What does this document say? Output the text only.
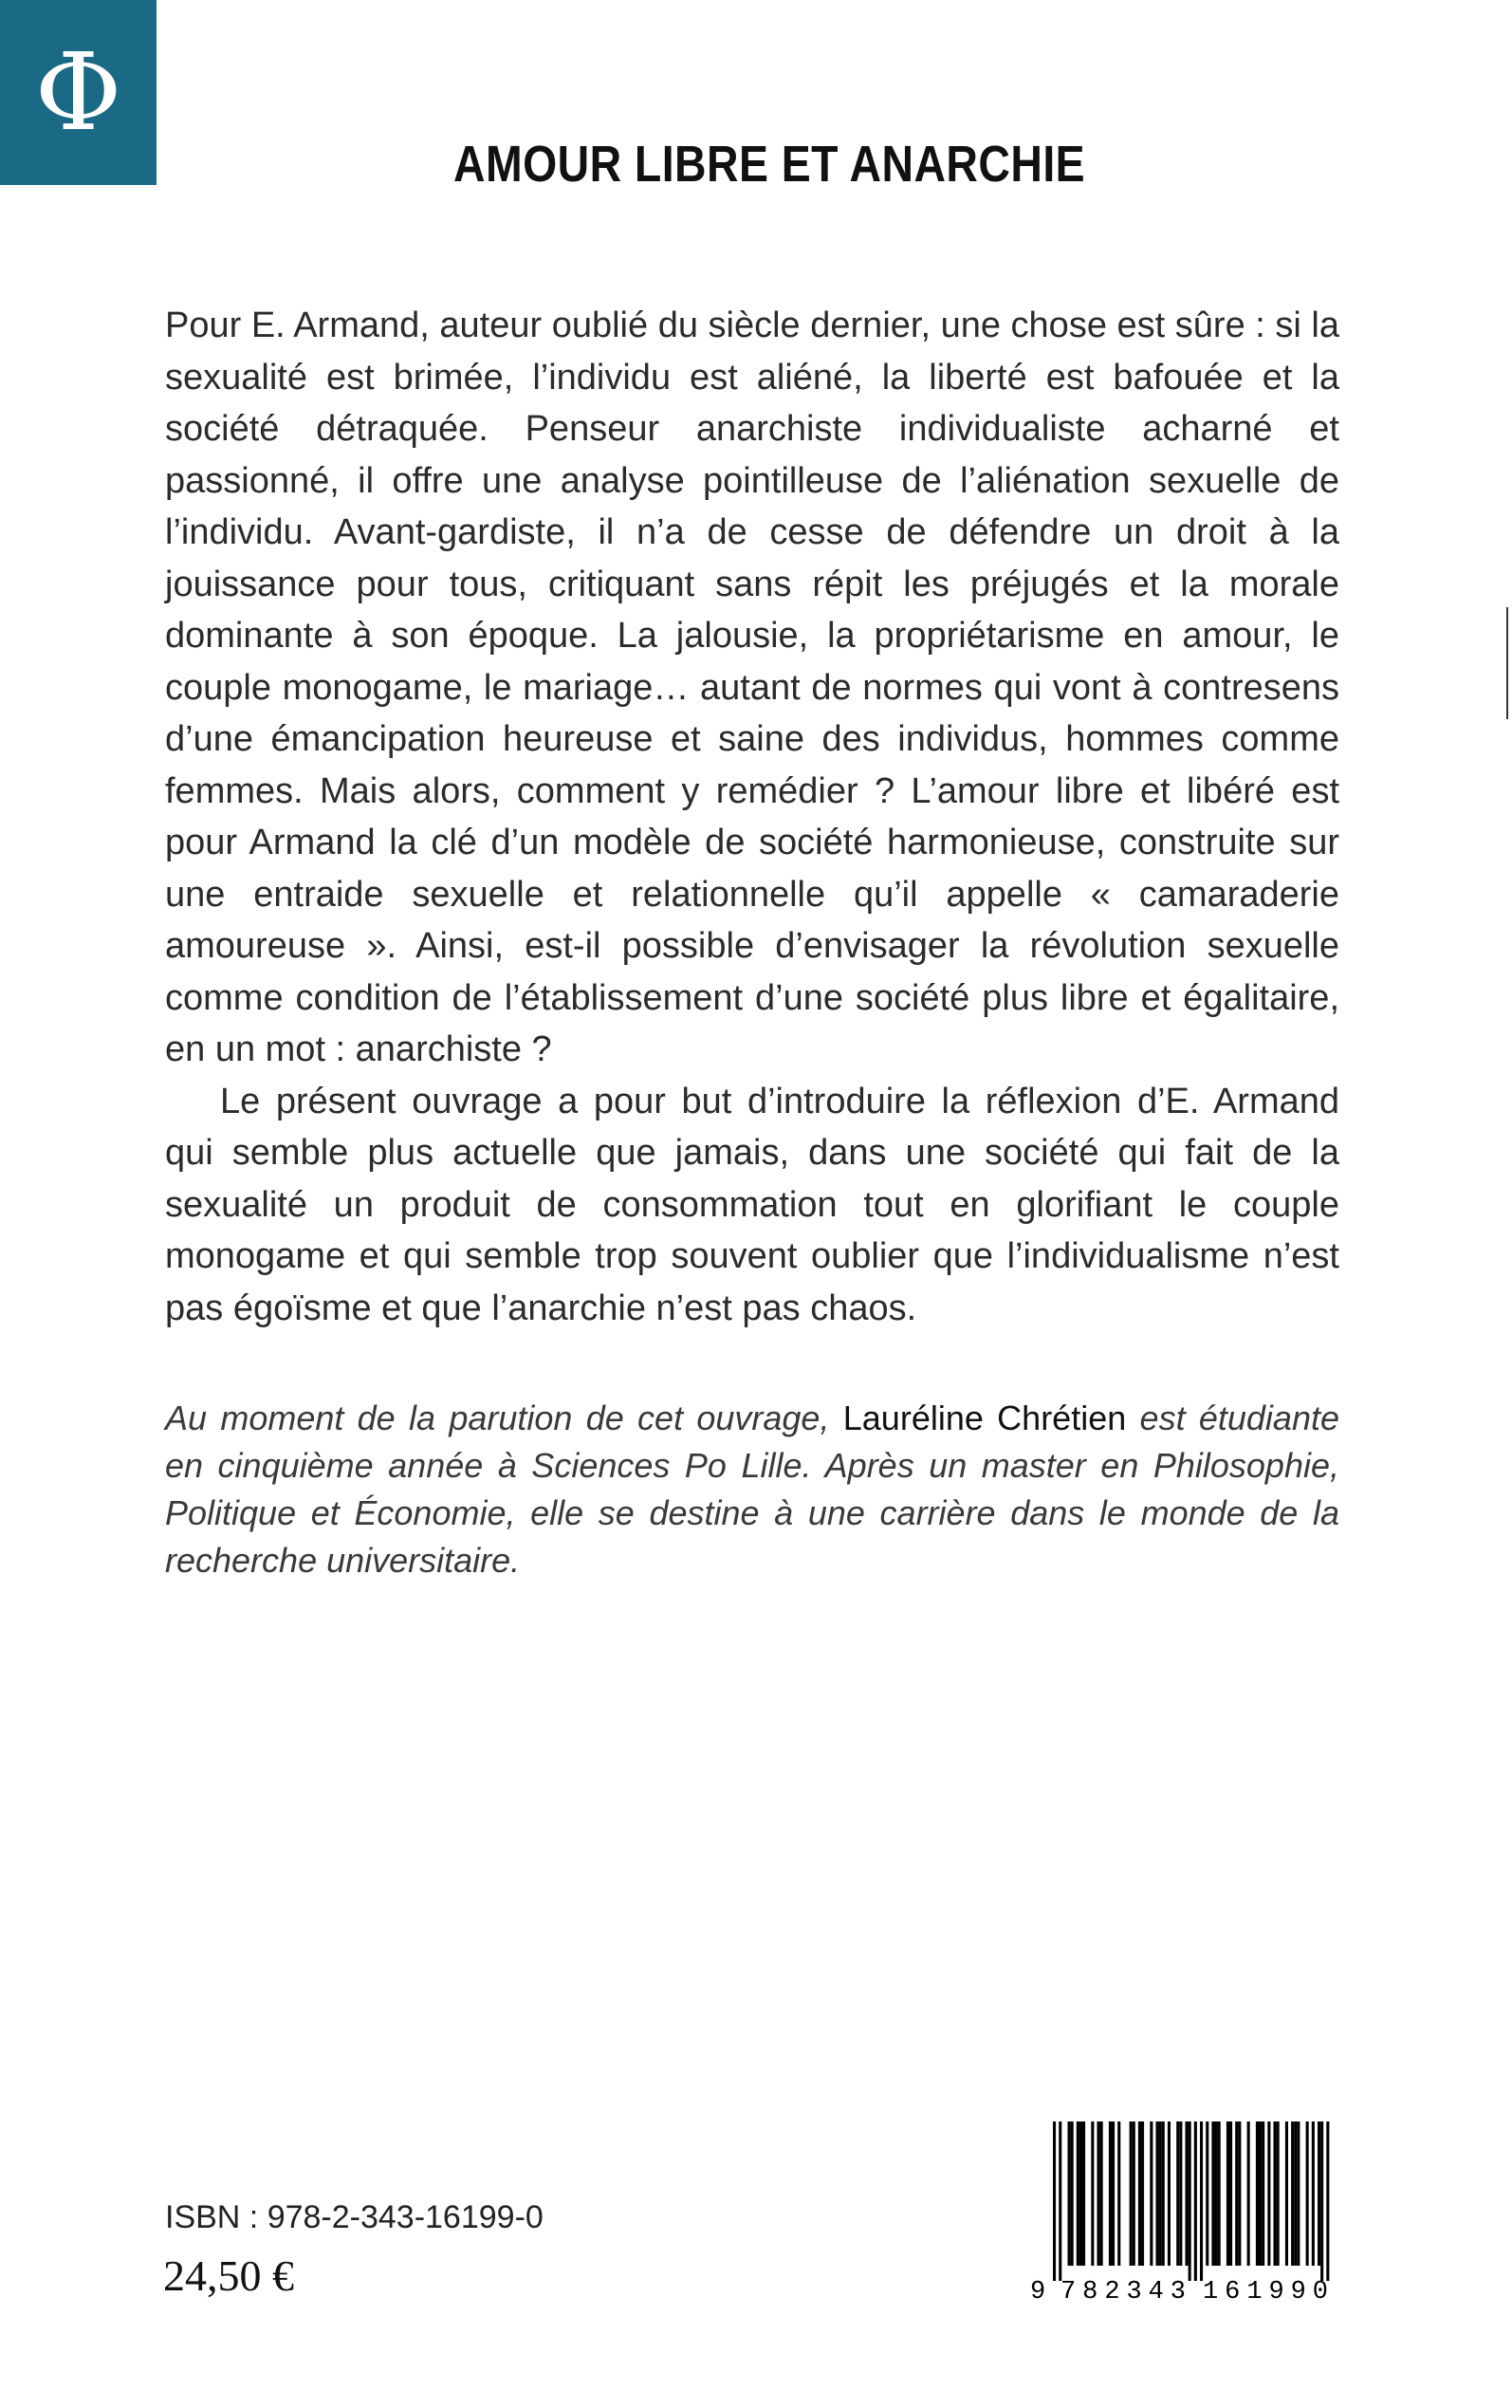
Φ
AMOUR LIBRE ET ANARCHIE

Pour E. Armand, auteur oublié du siècle dernier, une chose est sûre : si la sexualité est brimée, l’individu est aliéné, la liberté est bafouée et la société détraquée. Penseur anarchiste individualiste acharné et passionné, il offre une analyse pointilleuse de l’aliénation sexuelle de l’individu. Avant-gardiste, il n’a de cesse de défendre un droit à la jouissance pour tous, critiquant sans répit les préjugés et la morale dominante à son époque. La jalousie, la propriétarisme en amour, le couple monogame, le mariage… autant de normes qui vont à contresens d’une émancipation heureuse et saine des individus, hommes comme femmes. Mais alors, comment y remédier ? L’amour libre et libéré est pour Armand la clé d’un modèle de société harmonieuse, construite sur une entraide sexuelle et relationnelle qu’il appelle « camaraderie amoureuse ». Ainsi, est-il possible d’envisager la révolution sexuelle comme condition de l’établissement d’une société plus libre et égalitaire, en un mot : anarchiste ?

Le présent ouvrage a pour but d’introduire la réflexion d’E. Armand qui semble plus actuelle que jamais, dans une société qui fait de la sexualité un produit de consommation tout en glorifiant le couple monogame et qui semble trop souvent oublier que l’individualisme n’est pas égoïsme et que l’anarchie n’est pas chaos.

Au moment de la parution de cet ouvrage, Lauréline Chrétien est étudiante en cinquième année à Sciences Po Lille. Après un master en Philosophie, Politique et Économie, elle se destine à une carrière dans le monde de la recherche universitaire.

ISBN : 978-2-343-16199-0
24,50 €	9 782343 161990
